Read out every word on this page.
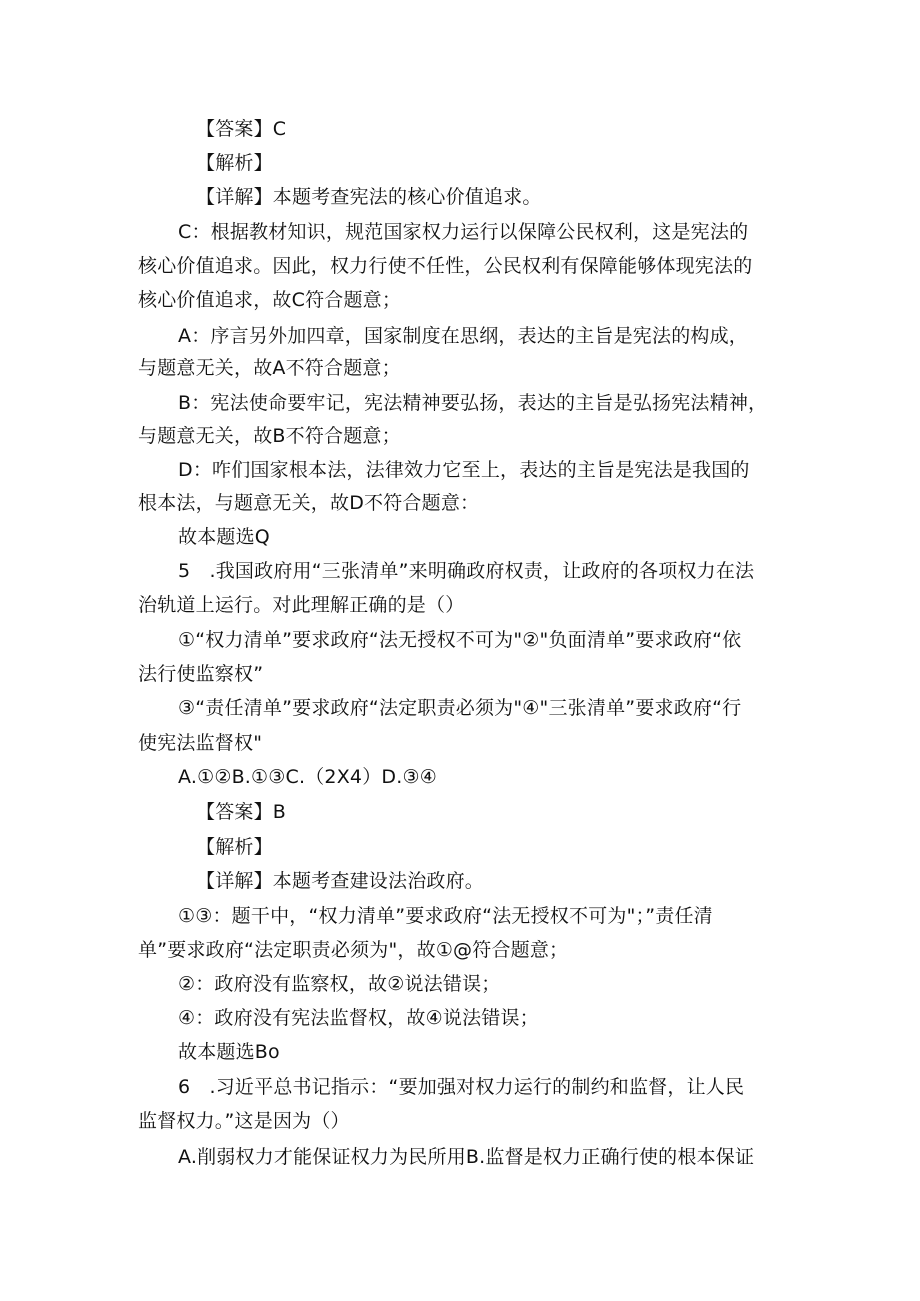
【答案】C
【解析】
【详解】本题考查宪法的核心价值追求。
C：根据教材知识，规范国家权力运行以保障公民权利，这是宪法的
核心价值追求。因此，权力行使不任性，公民权利有保障能够体现宪法的
核心价值追求，故C符合题意；
A：序言另外加四章，国家制度在思纲，表达的主旨是宪法的构成，
与题意无关，故A不符合题意；
B：宪法使命要牢记，宪法精神要弘扬，表达的主旨是弘扬宪法精神，
与题意无关，故B不符合题意；
D：咋们国家根本法，法律效力它至上，表达的主旨是宪法是我国的
根本法，与题意无关，故D不符合题意：
故本题选Q
5　.我国政府用“三张清单”来明确政府权责，让政府的各项权力在法
治轨道上运行。对此理解正确的是（）
①“权力清单”要求政府“法无授权不可为"②"负面清单”要求政府“依
法行使监察权”
③“责任清单”要求政府“法定职责必须为"④"三张清单”要求政府“行
使宪法监督权"
A.①②B.①③C.（2X4）D.③④
【答案】B
【解析】
【详解】本题考查建设法治政府。
①③：题干中，“权力清单”要求政府“法无授权不可为"；”责任清
单”要求政府“法定职责必须为"，故①@符合题意；
②：政府没有监察权，故②说法错误；
④：政府没有宪法监督权，故④说法错误；
故本题选Bo
6　.习近平总书记指示：“要加强对权力运行的制约和监督，让人民
监督权力。”这是因为（）
A.削弱权力才能保证权力为民所用B.监督是权力正确行使的根本保证
